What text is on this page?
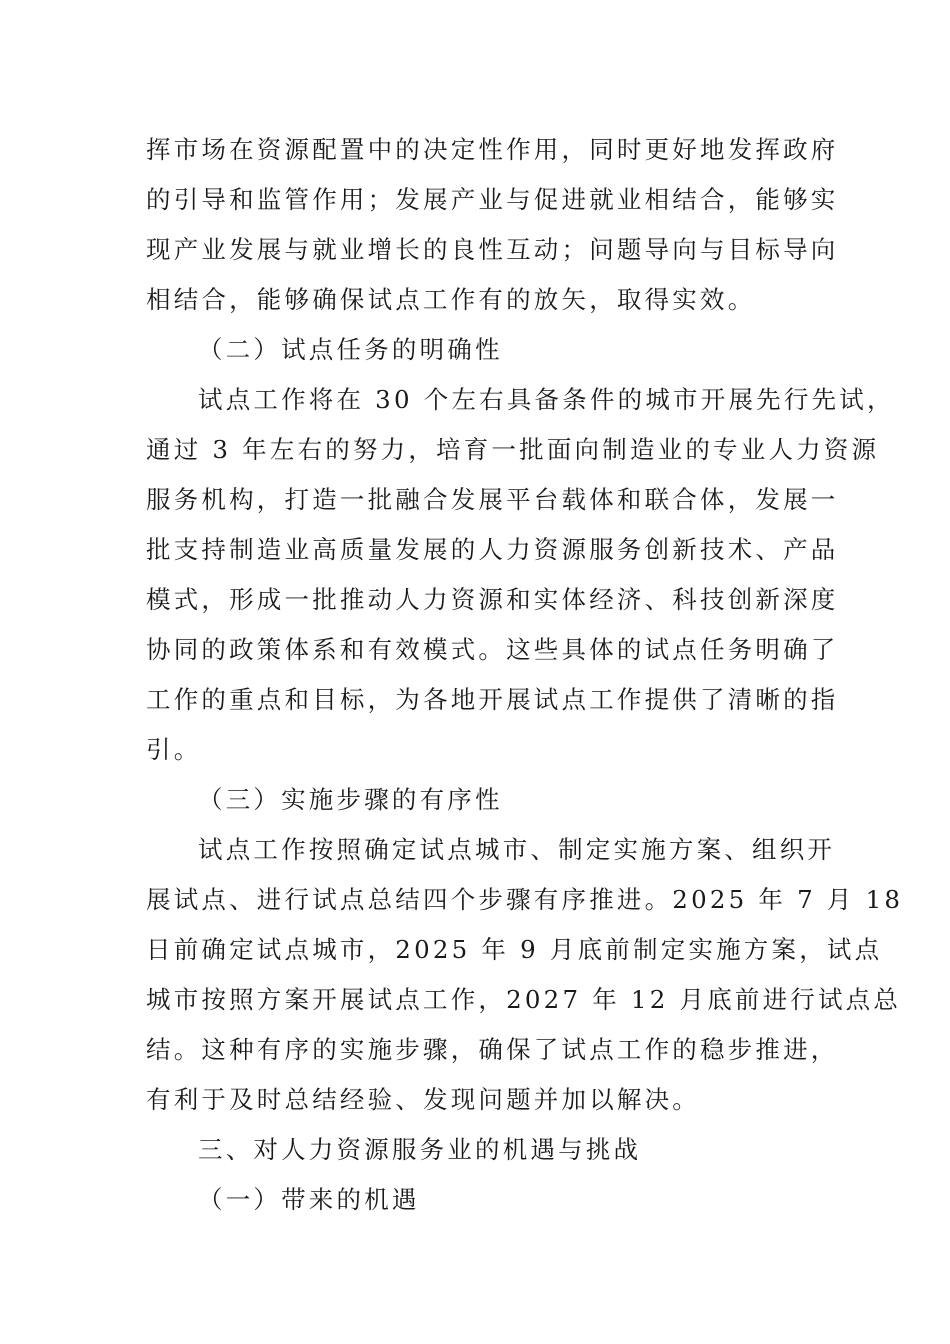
挥市场在资源配置中的决定性作用，同时更好地发挥政府
的引导和监管作用；发展产业与促进就业相结合，能够实
现产业发展与就业增长的良性互动；问题导向与目标导向
相结合，能够确保试点工作有的放矢，取得实效。
（二）试点任务的明确性
试点工作将在 30 个左右具备条件的城市开展先行先试，
通过 3 年左右的努力，培育一批面向制造业的专业人力资源
服务机构，打造一批融合发展平台载体和联合体，发展一
批支持制造业高质量发展的人力资源服务创新技术、产品
模式，形成一批推动人力资源和实体经济、科技创新深度
协同的政策体系和有效模式。这些具体的试点任务明确了
工作的重点和目标，为各地开展试点工作提供了清晰的指
引。
（三）实施步骤的有序性
试点工作按照确定试点城市、制定实施方案、组织开
展试点、进行试点总结四个步骤有序推进。2025 年 7 月 18
日前确定试点城市，2025 年 9 月底前制定实施方案，试点
城市按照方案开展试点工作，2027 年 12 月底前进行试点总
结。这种有序的实施步骤，确保了试点工作的稳步推进，
有利于及时总结经验、发现问题并加以解决。
三、对人力资源服务业的机遇与挑战
（一）带来的机遇
